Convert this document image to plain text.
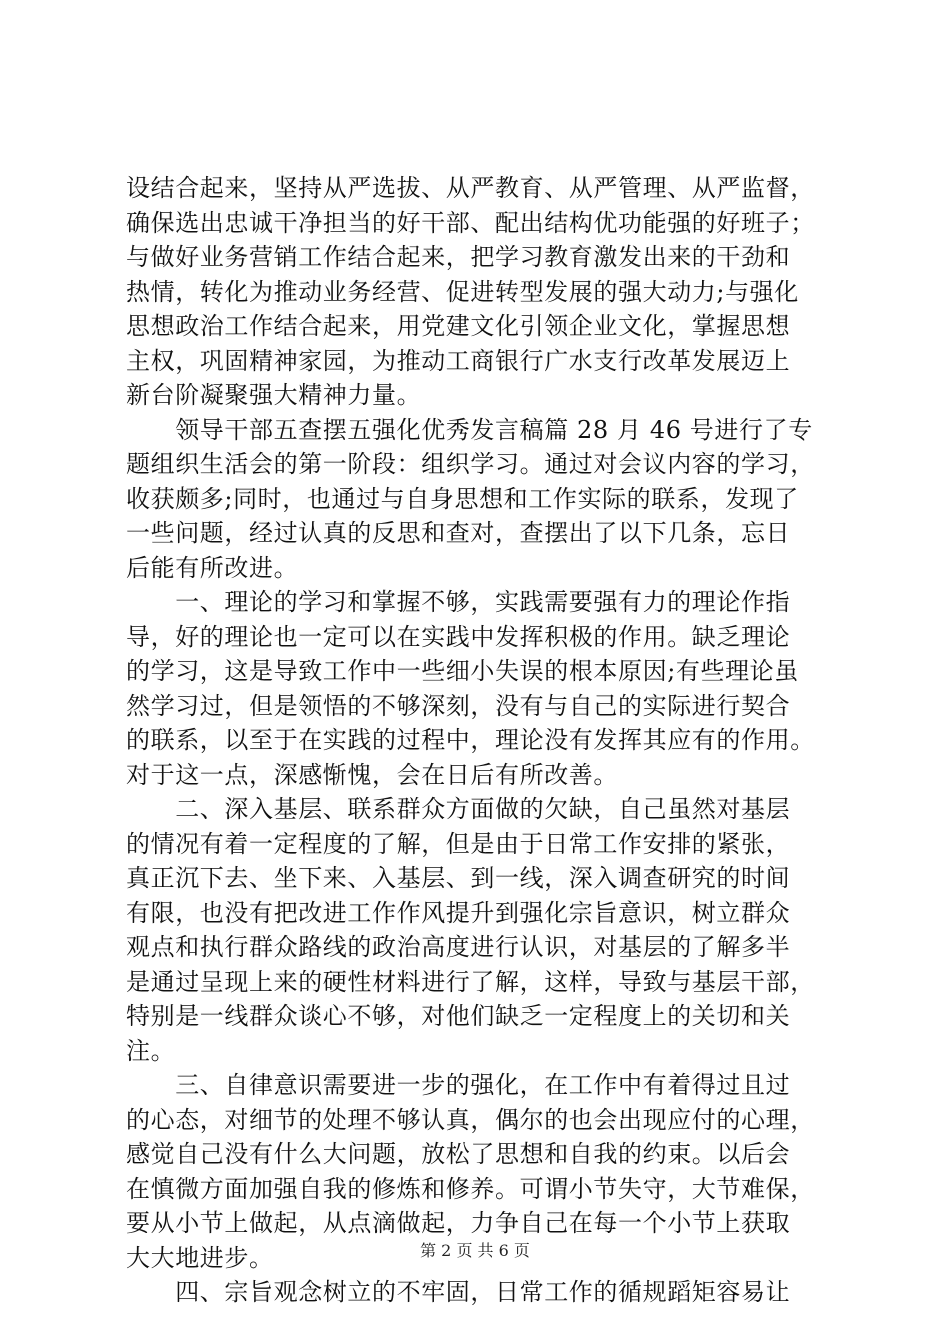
设结合起来，坚持从严选拔、从严教育、从严管理、从严监督，
确保选出忠诚干净担当的好干部、配出结构优功能强的好班子；
与做好业务营销工作结合起来，把学习教育激发出来的干劲和
热情，转化为推动业务经营、促进转型发展的强大动力;与强化
思想政治工作结合起来，用党建文化引领企业文化，掌握思想
主权，巩固精神家园，为推动工商银行广水支行改革发展迈上
新台阶凝聚强大精神力量。
　　领导干部五查摆五强化优秀发言稿篇 28 月 46 号进行了专
题组织生活会的第一阶段：组织学习。通过对会议内容的学习，
收获颇多;同时，也通过与自身思想和工作实际的联系，发现了
一些问题，经过认真的反思和查对，查摆出了以下几条，忘日
后能有所改进。
　　一、理论的学习和掌握不够，实践需要强有力的理论作指
导，好的理论也一定可以在实践中发挥积极的作用。缺乏理论
的学习，这是导致工作中一些细小失误的根本原因;有些理论虽
然学习过，但是领悟的不够深刻，没有与自己的实际进行契合
的联系，以至于在实践的过程中，理论没有发挥其应有的作用。
对于这一点，深感惭愧，会在日后有所改善。
　　二、深入基层、联系群众方面做的欠缺，自己虽然对基层
的情况有着一定程度的了解，但是由于日常工作安排的紧张，
真正沉下去、坐下来、入基层、到一线，深入调查研究的时间
有限，也没有把改进工作作风提升到强化宗旨意识，树立群众
观点和执行群众路线的政治高度进行认识，对基层的了解多半
是通过呈现上来的硬性材料进行了解，这样，导致与基层干部，
特别是一线群众谈心不够，对他们缺乏一定程度上的关切和关
注。
　　三、自律意识需要进一步的强化，在工作中有着得过且过
的心态，对细节的处理不够认真，偶尔的也会出现应付的心理，
感觉自己没有什么大问题，放松了思想和自我的约束。以后会
在慎微方面加强自我的修炼和修养。可谓小节失守，大节难保，
要从小节上做起，从点滴做起，力争自己在每一个小节上获取
大大地进步。
　　四、宗旨观念树立的不牢固，日常工作的循规蹈矩容易让
第 2 页 共 6 页
